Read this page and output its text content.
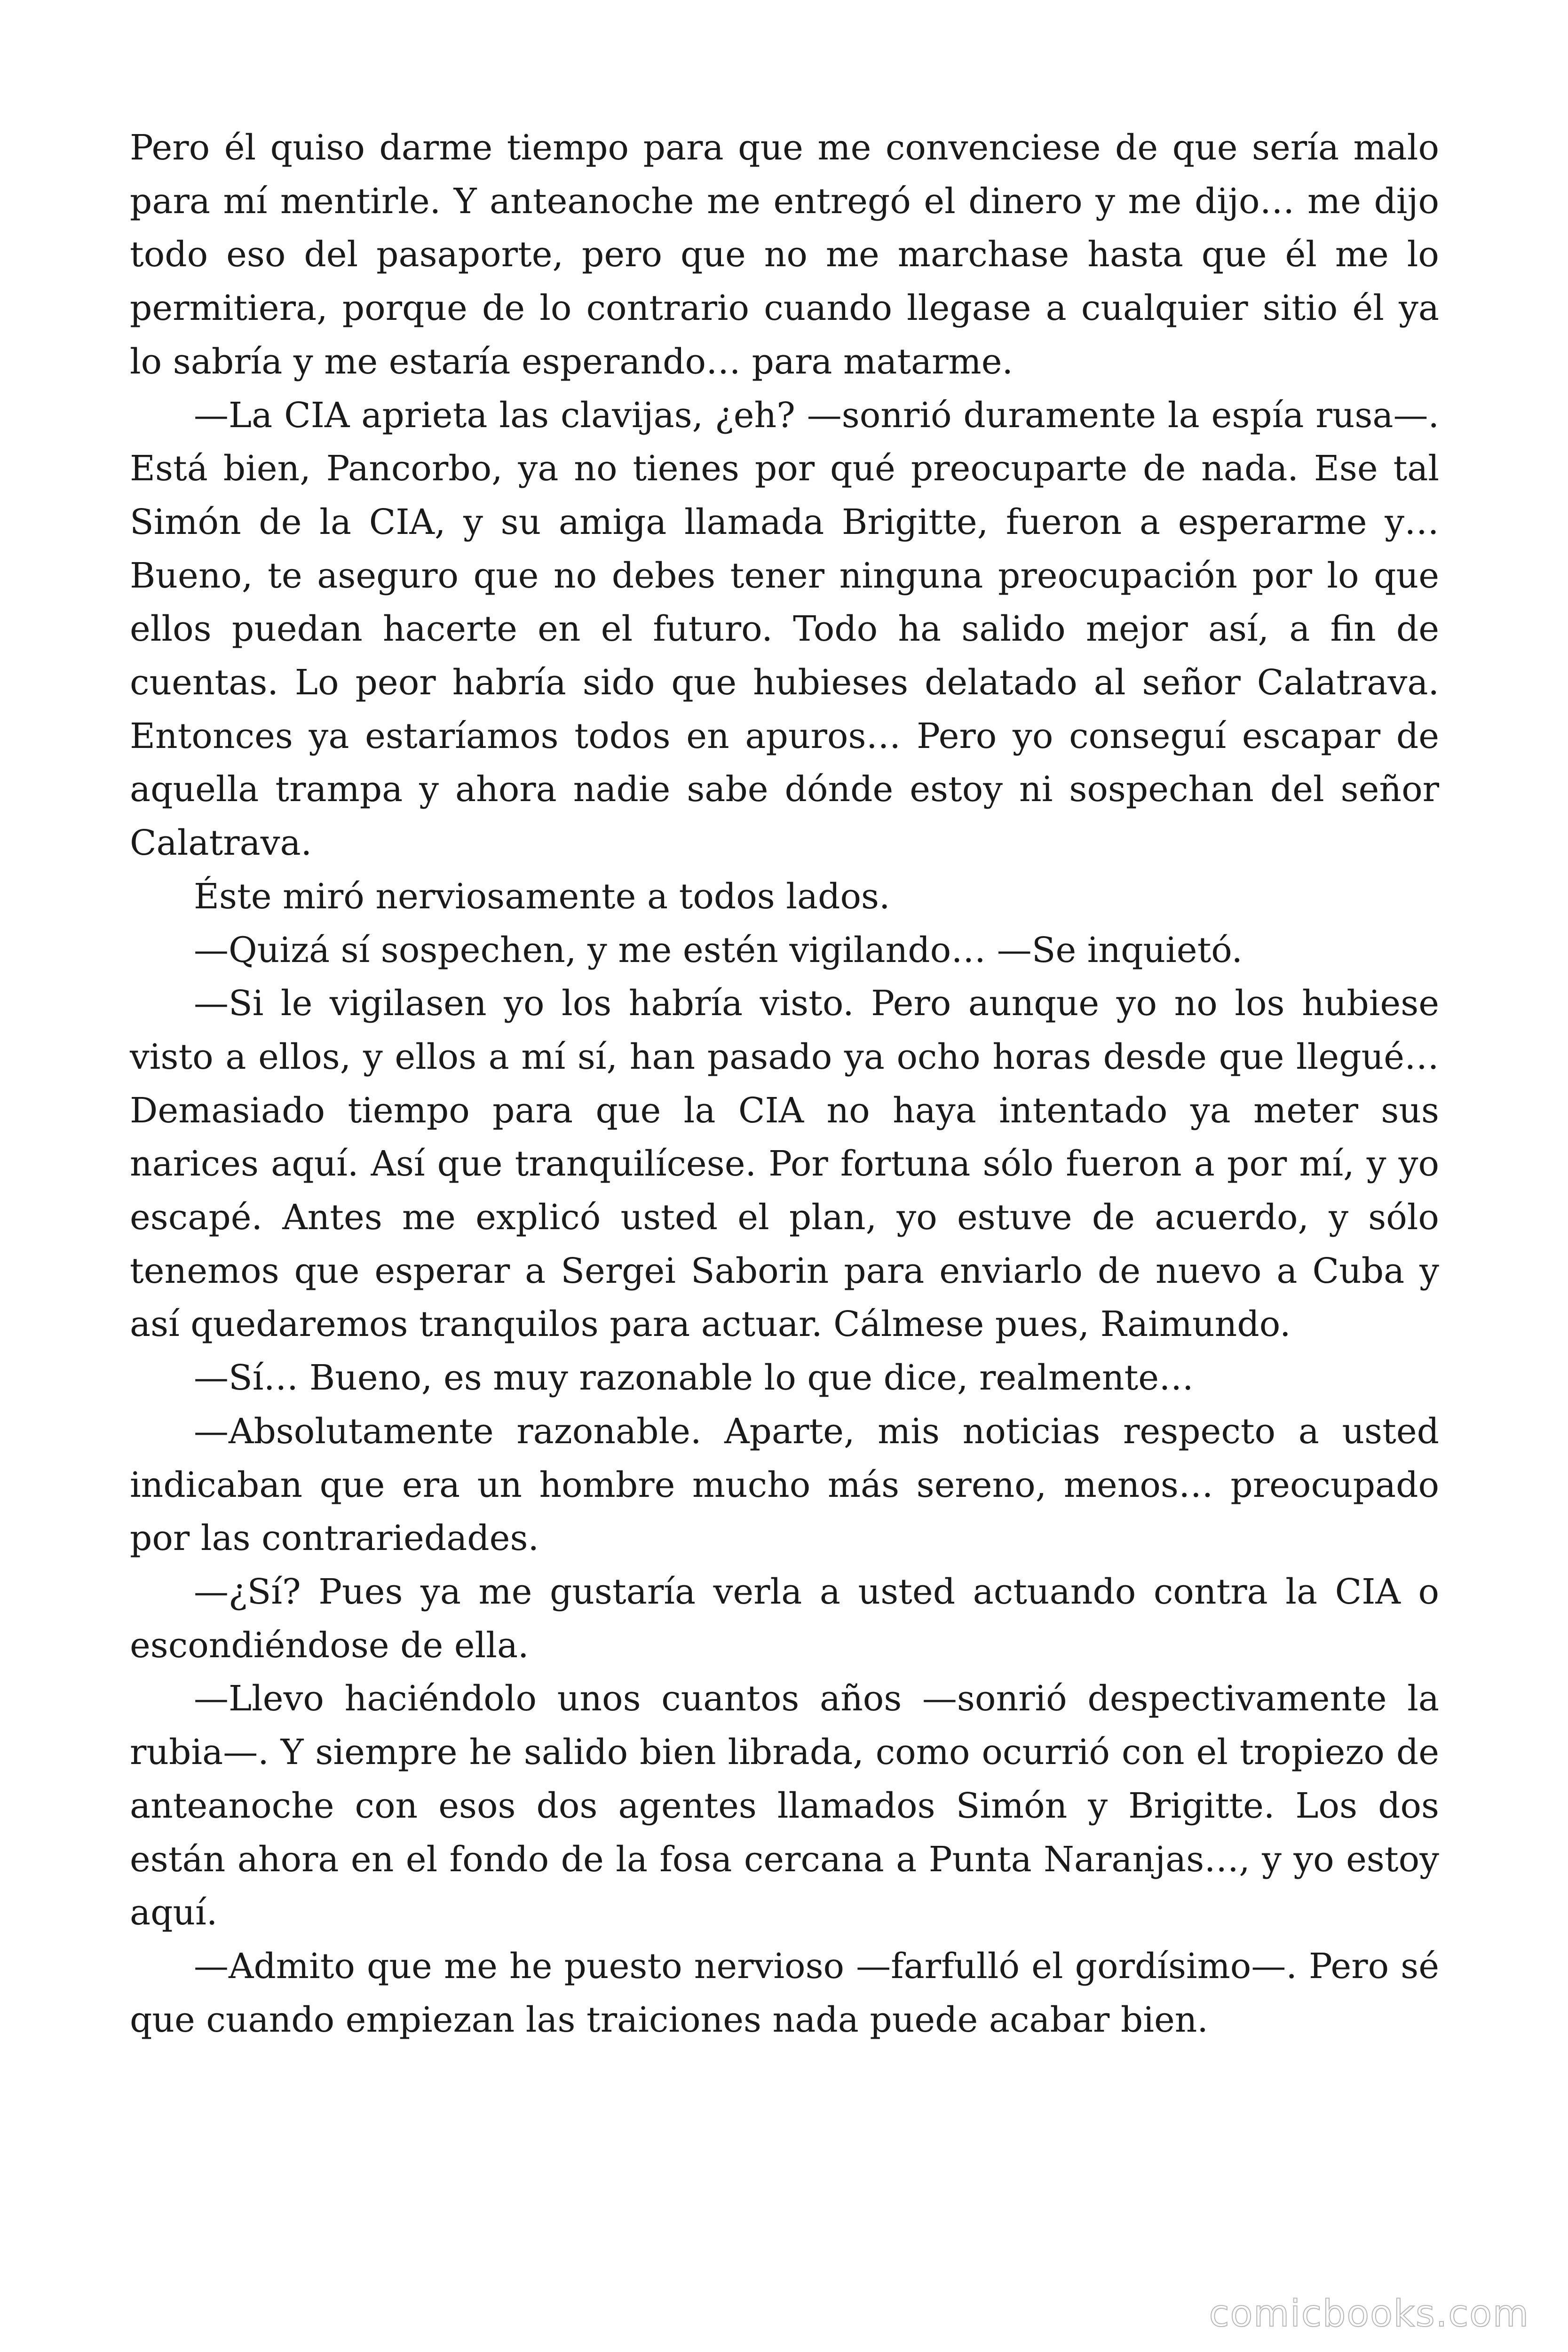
Pero él quiso darme tiempo para que me convenciese de que sería malo para mí mentirle. Y anteanoche me entregó el dinero y me dijo… me dijo todo eso del pasaporte, pero que no me marchase hasta que él me lo permitiera, porque de lo contrario cuando llegase a cualquier sitio él ya lo sabría y me estaría esperando… para matarme.

—La CIA aprieta las clavijas, ¿eh? —sonrió duramente la espía rusa—. Está bien, Pancorbo, ya no tienes por qué preocuparte de nada. Ese tal Simón de la CIA, y su amiga llamada Brigitte, fueron a esperarme y… Bueno, te aseguro que no debes tener ninguna preocupación por lo que ellos puedan hacerte en el futuro. Todo ha salido mejor así, a fin de cuentas. Lo peor habría sido que hubieses delatado al señor Calatrava. Entonces ya estaríamos todos en apuros… Pero yo conseguí escapar de aquella trampa y ahora nadie sabe dónde estoy ni sospechan del señor Calatrava.

Éste miró nerviosamente a todos lados.

—Quizá sí sospechen, y me estén vigilando… —Se inquietó.

—Si le vigilasen yo los habría visto. Pero aunque yo no los hubiese visto a ellos, y ellos a mí sí, han pasado ya ocho horas desde que llegué… Demasiado tiempo para que la CIA no haya intentado ya meter sus narices aquí. Así que tranquilícese. Por fortuna sólo fueron a por mí, y yo escapé. Antes me explicó usted el plan, yo estuve de acuerdo, y sólo tenemos que esperar a Sergei Saborin para enviarlo de nuevo a Cuba y así quedaremos tranquilos para actuar. Cálmese pues, Raimundo.

—Sí… Bueno, es muy razonable lo que dice, realmente…

—Absolutamente razonable. Aparte, mis noticias respecto a usted indicaban que era un hombre mucho más sereno, menos… preocupado por las contrariedades.

—¿Sí? Pues ya me gustaría verla a usted actuando contra la CIA o escondiéndose de ella.

—Llevo haciéndolo unos cuantos años —sonrió despectivamente la rubia—. Y siempre he salido bien librada, como ocurrió con el tropiezo de anteanoche con esos dos agentes llamados Simón y Brigitte. Los dos están ahora en el fondo de la fosa cercana a Punta Naranjas…, y yo estoy aquí.

—Admito que me he puesto nervioso —farfulló el gordísimo—. Pero sé que cuando empiezan las traiciones nada puede acabar bien.

comicbooks.com
